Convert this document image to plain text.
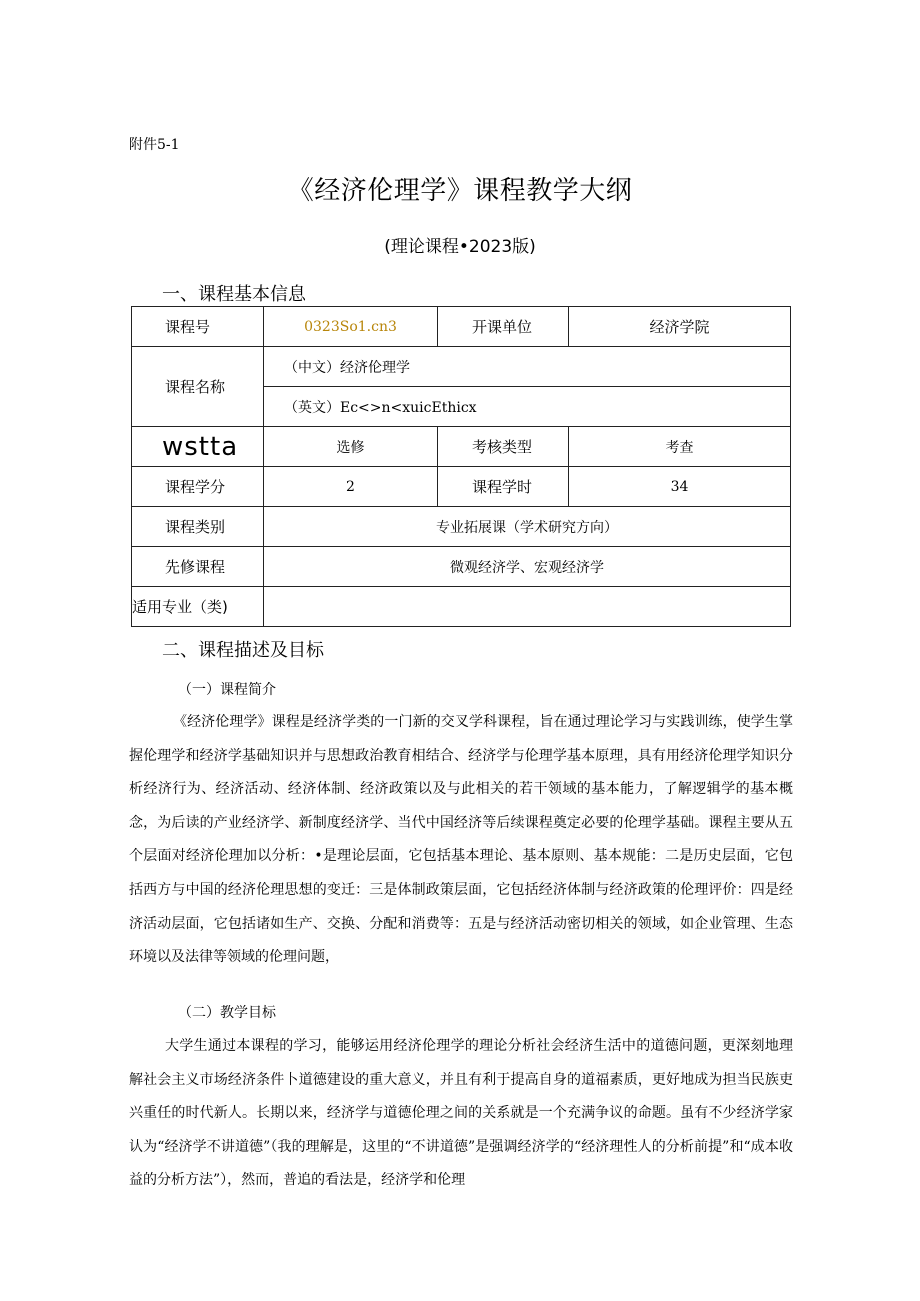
附件5-1
《经济伦理学》课程教学大纲
(理论课程•2023版)
一、课程基本信息
课程号	0323So1.cn3	开课单位	经济学院
课程名称	（中文）经济伦理学		
	（英文）Ec<>n<xuicEthicx		
wstta	选修	考核类型	考查
课程学分	2	课程学时	34
课程类别	专业拓展课（学术研究方向）		
先修课程	微观经济学、宏观经济学		
适用专业（类)			
二、课程描述及目标
（一）课程简介
《经济伦理学》课程是经济学类的一门新的交叉学科课程，旨在通过理论学习与实践训练，使学生掌握伦理学和经济学基础知识并与思想政治教育相结合、经济学与伦理学基本原理，具有用经济伦理学知识分析经济行为、经济活动、经济体制、经济政策以及与此相关的若干领域的基本能力，了解逻辑学的基本概念，为后读的产业经济学、新制度经济学、当代中国经济等后续课程奠定必要的伦理学基础。课程主要从五个层面对经济伦理加以分析：•是理论层面，它包括基本理论、基本原则、基本规能：二是历史层面，它包括西方与中国的经济伦理思想的变迁：三是体制政策层面，它包括经济体制与经济政策的伦理评价：四是经济活动层面，它包括诸如生产、交换、分配和消费等：五是与经济活动密切相关的领域，如企业管理、生态环境以及法律等领域的伦理问题，
（二）教学目标
大学生通过本课程的学习，能够运用经济伦理学的理论分析社会经济生活中的道德问题，更深刻地理解社会主义市场经济条件卜道德建设的重大意义，并且有利于提高自身的道福素质，更好地成为担当民族吏兴重任的时代新人。长期以来，经济学与道德伦理之间的关系就是一个充满争议的命题。虽有不少经济学家认为“经济学不讲道德”（我的理解是，这里的“不讲道德”是强调经济学的“经济理性人的分析前提”和“成本收益的分析方法”），然而，普追的看法是，经济学和伦理
